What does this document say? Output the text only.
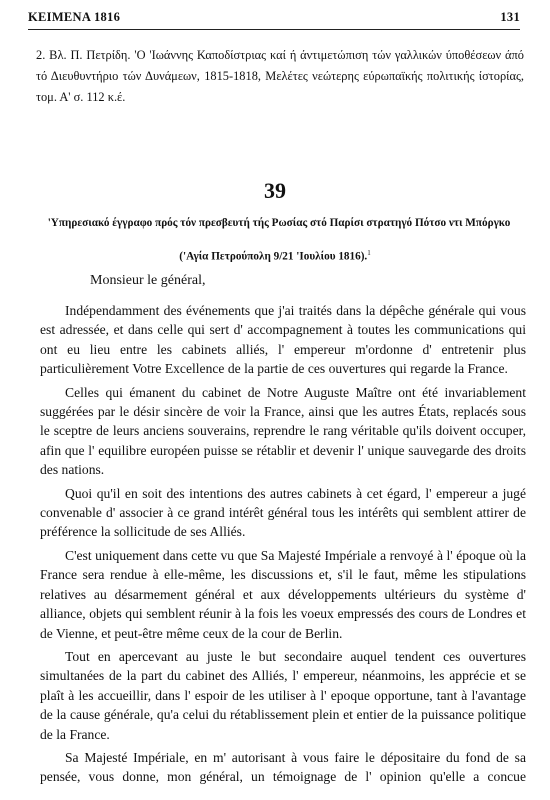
KEIMENA 1816	131
2. Βλ. Π. Πετρίδη. 'Ο 'Ιωάννης Καποδίστριας καί ή άντιμετώπιση τών γαλλικών ύποθέσεων άπό τό Διευθυντήριο τών Δυνάμεων, 1815-1818, Μελέτες νεώτερης εύρωπαϊκής πολιτικής ίστορίας, τομ. Α' σ. 112 κ.έ.
39
'Υπηρεσιακό έγγραφο πρός τόν πρεσβευτή τής Ρωσίας στό Παρίσι στρατηγό Πότσο ντι Μπόργκο
('Αγία Πετρούπολη 9/21 'Ιουλίου 1816).$^1$
Monsieur le général,

Indépendamment des événements que j'ai traités dans la dépêche générale qui vous est adressée, et dans celle qui sert d' accompagnement à toutes les communications qui ont eu lieu entre les cabinets alliés, l' empereur m'ordonne d' entretenir plus particulièrement Votre Excellence de la partie de ces ouvertures qui regarde la France.

Celles qui émanent du cabinet de Notre Auguste Maître ont été invariablement suggérées par le désir sincère de voir la France, ainsi que les autres États, replacés sous le sceptre de leurs anciens souverains, reprendre le rang véritable qu'ils doivent occuper, afin que l' equilibre européen puisse se rétablir et devenir l' unique sauvegarde des droits des nations.

Quoi qu'il en soit des intentions des autres cabinets à cet égard, l' empereur a jugé convenable d' associer à ce grand intérêt général tous les intérêts qui semblent attirer de préférence la sollicitude de ses Alliés.

C'est uniquement dans cette vu que Sa Majesté Impériale a renvoyé à l' époque où la France sera rendue à elle-même, les discussions et, s'il le faut, même les stipulations relatives au désarmement général et aux développements ultérieurs du système d' alliance, objets qui semblent réunir à la fois les voeux empressés des cours de Londres et de Vienne, et peut-être même ceux de la cour de Berlin.

Tout en apercevant au juste le but secondaire auquel tendent ces ouvertures simultanées de la part du cabinet des Alliés, l' empereur, néanmoins, les apprécie et se plaît à les accueillir, dans l' espoir de les utiliser à l' epoque opportune, tant à l'avantage de la cause générale, qu'a celui du rétablissement plein et entier de la puissance politique de la France.

Sa Majesté Impériale, en m' autorisant à vous faire le dépositaire du fond de sa pensée, vous donne, mon général, un témoignage de l' opinion qu'elle a concue
